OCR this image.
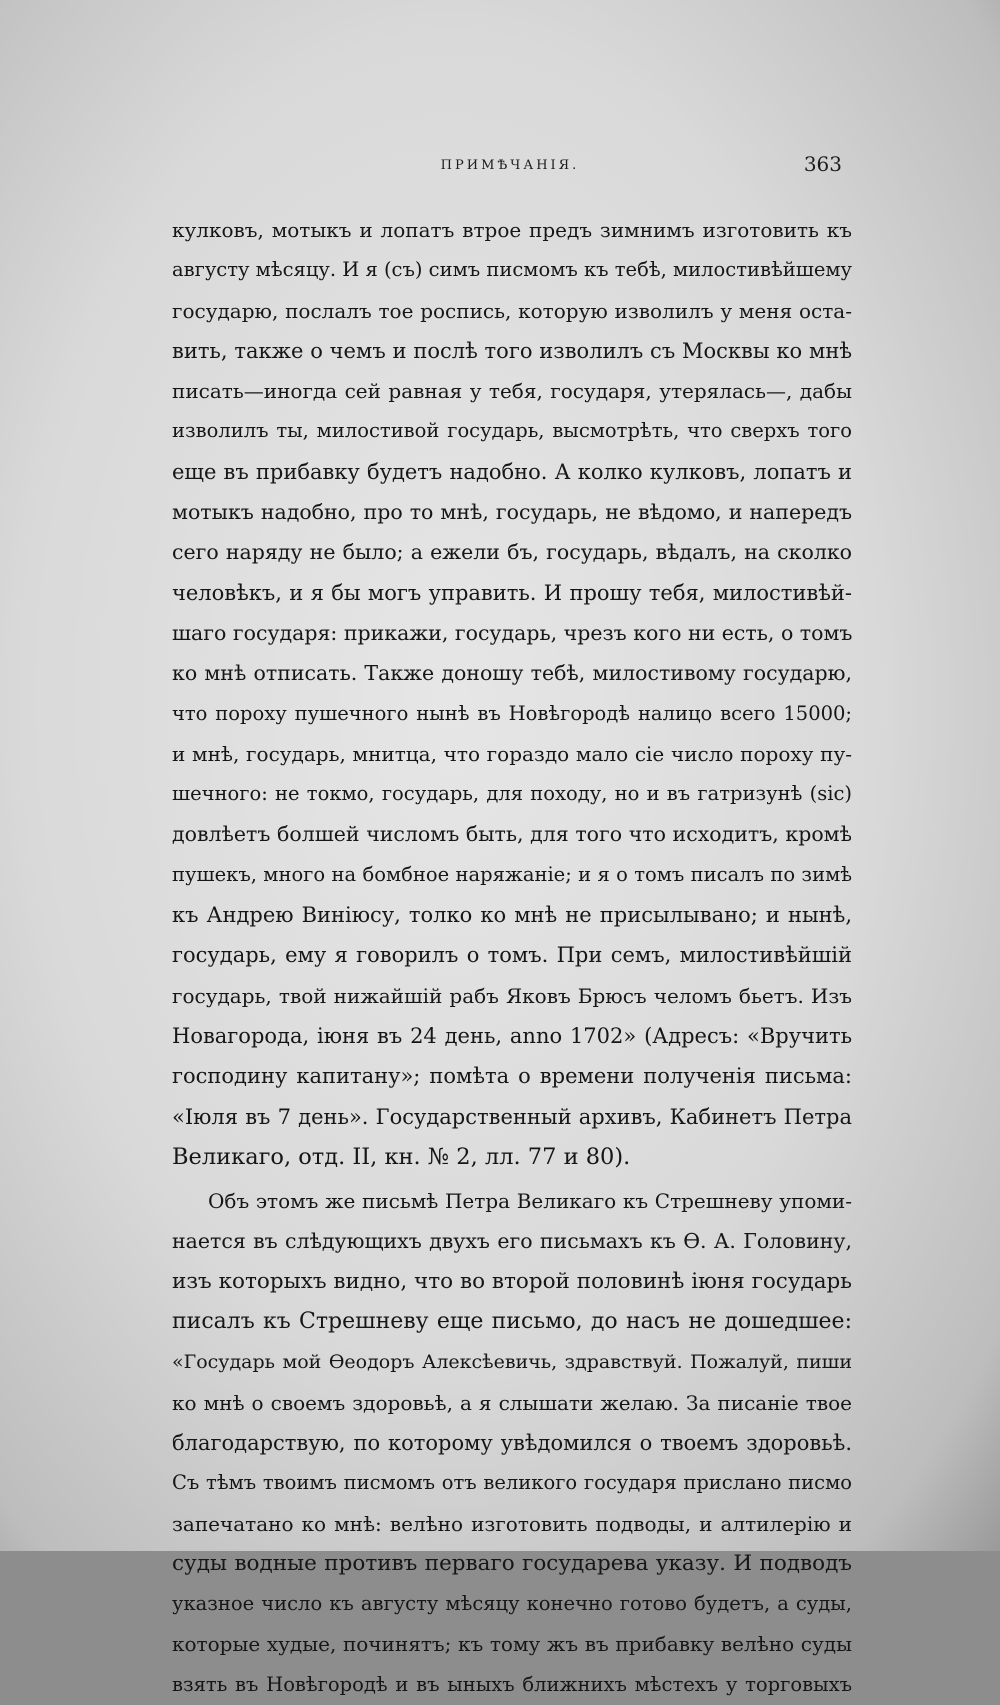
ПРИМѢЧАНІЯ.	363
кулковъ, мотыкъ и лопатъ втрое предъ зимнимъ изготовить къ
августу мѣсяцу. И я (съ) симъ писмомъ къ тебѣ, милостивѣйшему
государю, послалъ тое роспись, которую изволилъ у меня оста-
вить, также о чемъ и послѣ того изволилъ съ Москвы ко мнѣ
писать—иногда сей равная у тебя, государя, утерялась—, дабы
изволилъ ты, милостивой государь, высмотрѣть, что сверхъ того
еще въ прибавку будетъ надобно. А колко кулковъ, лопатъ и
мотыкъ надобно, про то мнѣ, государь, не вѣдомо, и напередъ
сего наряду не было; а ежели бъ, государь, вѣдалъ, на сколко
человѣкъ, и я бы могъ управить. И прошу тебя, милостивѣй-
шаго государя: прикажи, государь, чрезъ кого ни есть, о томъ
ко мнѣ отписать. Также доношу тебѣ, милостивому государю,
что пороху пушечного нынѣ въ Новѣгородѣ налицо всего 15000;
и мнѣ, государь, мнитца, что гораздо мало сіе число пороху пу-
шечного: не токмо, государь, для походу, но и въ гатризунѣ (sic)
довлѣетъ болшей числомъ быть, для того что исходитъ, кромѣ
пушекъ, много на бомбное наряжаніе; и я о томъ писалъ по зимѣ
къ Андрею Виніюсу, толко ко мнѣ не присылывано; и нынѣ,
государь, ему я говорилъ о томъ. При семъ, милостивѣйшій
государь, твой нижайшій рабъ Яковъ Брюсъ челомъ бьетъ. Изъ
Новагорода, іюня въ 24 день, anno 1702» (Адресъ: «Вручить
господину капитану»; помѣта о времени полученія письма:
«Іюля въ 7 день». Государственный архивъ, Кабинетъ Петра
Великаго, отд. II, кн. № 2, лл. 77 и 80).
Объ этомъ же письмѣ Петра Великаго къ Стрешневу упоми-
нается въ слѣдующихъ двухъ его письмахъ къ Ѳ. А. Головину,
изъ которыхъ видно, что во второй половинѣ іюня государь
писалъ къ Стрешневу еще письмо, до насъ не дошедшее:
«Государь мой Ѳеодоръ Алексѣевичь, здравствуй. Пожалуй, пиши
ко мнѣ о своемъ здоровьѣ, а я слышати желаю. За писаніе твое
благодарствую, по которому увѣдомился о твоемъ здоровьѣ.
Съ тѣмъ твоимъ писмомъ отъ великого государя прислано писмо
запечатано ко мнѣ: велѣно изготовить подводы, и алтилерію и
суды водные противъ перваго государева указу. И подводъ
указное число къ августу мѣсяцу конечно готово будетъ, а суды,
которые худые, починятъ; къ тому жъ въ прибавку велѣно суды
взять въ Новѣгородѣ и въ ыныхъ ближнихъ мѣстехъ у торговыхъ
